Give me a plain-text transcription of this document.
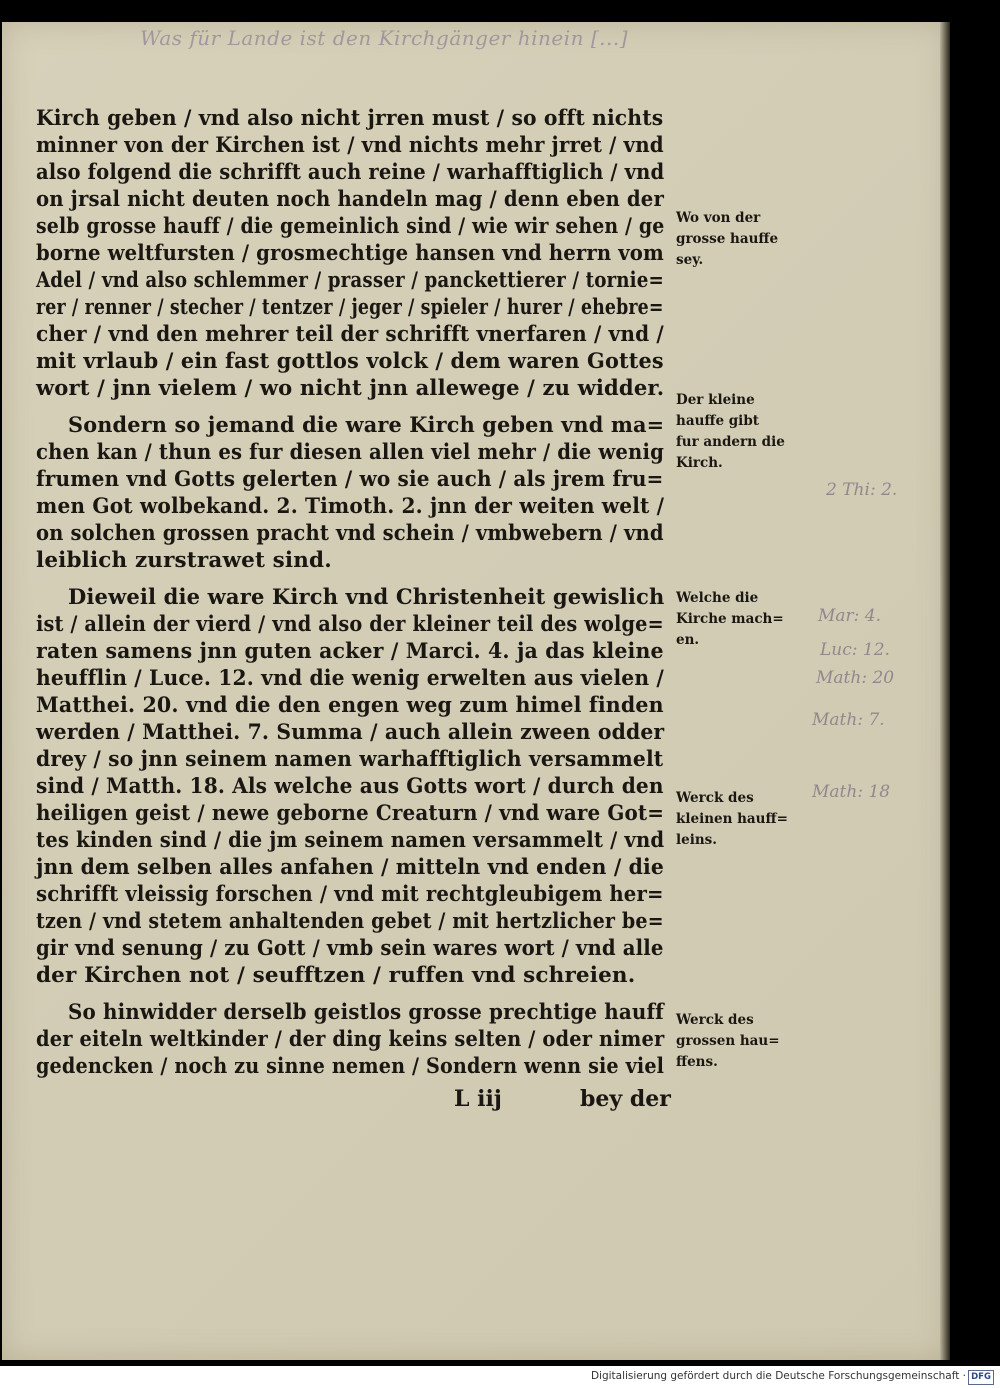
Was für Lande ist den Kirchgänger hinein [...]
Kirch geben / vnd also nicht jrren must / so offt nichts
minner von der Kirchen ist / vnd nichts mehr jrret / vnd
also folgend die schrifft auch reine / warhafftiglich / vnd
on jrsal nicht deuten noch handeln mag / denn eben der
selb grosse hauff / die gemeinlich sind / wie wir sehen / ge
borne weltfursten / grosmechtige hansen vnd herrn vom
Adel / vnd also schlemmer / prasser / panckettierer / tornie=
rer / renner / stecher / tentzer / jeger / spieler / hurer / ehebre=
cher / vnd den mehrer teil der schrifft vnerfaren / vnd /
mit vrlaub / ein fast gottlos volck / dem waren Gottes
wort / jnn vielem / wo nicht jnn allewege / zu widder.
Sondern so jemand die ware Kirch geben vnd ma=
chen kan / thun es fur diesen allen viel mehr / die wenig
frumen vnd Gotts gelerten / wo sie auch / als jrem fru=
men Got wolbekand. 2. Timoth. 2. jnn der weiten welt /
on solchen grossen pracht vnd schein / vmbwebern / vnd
leiblich zurstrawet sind.
Dieweil die ware Kirch vnd Christenheit gewislich
ist / allein der vierd / vnd also der kleiner teil des wolge=
raten samens jnn guten acker / Marci. 4. ja das kleine
heufflin / Luce. 12. vnd die wenig erwelten aus vielen /
Matthei. 20. vnd die den engen weg zum himel finden
werden / Matthei. 7. Summa / auch allein zween odder
drey / so jnn seinem namen warhafftiglich versammelt
sind / Matth. 18. Als welche aus Gotts wort / durch den
heiligen geist / newe geborne Creaturn / vnd ware Got=
tes kinden sind / die jm seinem namen versammelt / vnd
jnn dem selben alles anfahen / mitteln vnd enden / die
schrifft vleissig forschen / vnd mit rechtgleubigem her=
tzen / vnd stetem anhaltenden gebet / mit hertzlicher be=
gir vnd senung / zu Gott / vmb sein wares wort / vnd alle
der Kirchen not / seufftzen / ruffen vnd schreien.
So hinwidder derselb geistlos grosse prechtige hauff
der eiteln weltkinder / der ding keins selten / oder nimer
gedencken / noch zu sinne nemen / Sondern wenn sie viel
L iij	bey der
Wo von der
grosse hauffe
sey.
Der kleine
hauffe gibt
fur andern die
Kirch.
Welche die
Kirche mach=
en.
Werck des
kleinen hauff=
leins.
Werck des
grossen hau=
ffens.
2 Thi: 2.
Mar: 4.
Luc: 12.
Math: 20
Math: 7.
Math: 18
Digitalisierung gefördert durch die Deutsche Forschungsgemeinschaft · DFG
